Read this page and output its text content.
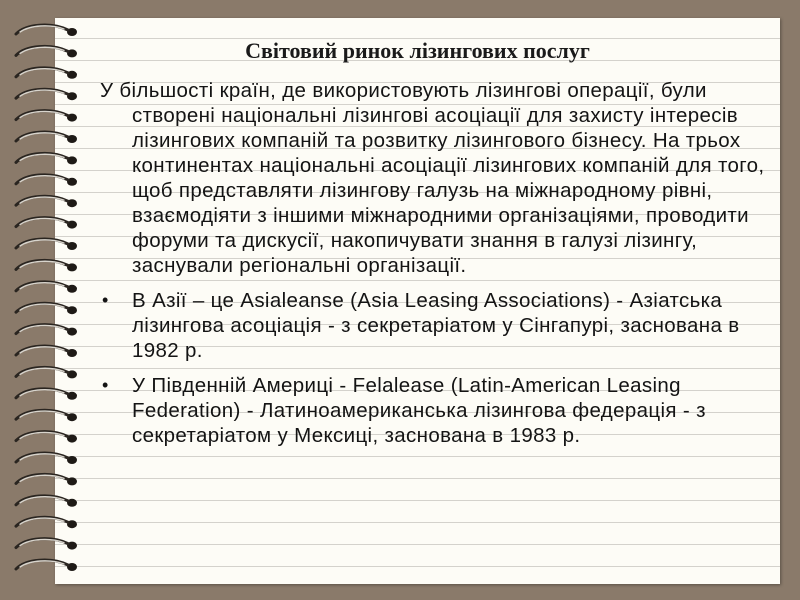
Світовий ринок лізингових послуг

У більшості країн, де використовують лізингові операції, були створені національні лізингові асоціації для захисту інтересів лізингових компаній та розвитку лізингового бізнесу. На трьох континентах національні асоціації лізингових компаній для того, щоб представляти лізингову галузь на міжнародному рівні, взаємодіяти з іншими міжнародними організаціями, проводити форуми та дискусії, накопичувати знання в галузі лізингу, заснували регіональні організації.

• В Азії – це Asialeanse (Asia Leasing Associations) - Азіатська лізингова асоціація - з секретаріатом у Сінгапурі, заснована в 1982 р.
• У Південній Америці - Felalease (Latin-American Leasing Federation) - Латиноамериканська лізингова федерація - з секретаріатом у Мексиці, заснована в 1983 р.
